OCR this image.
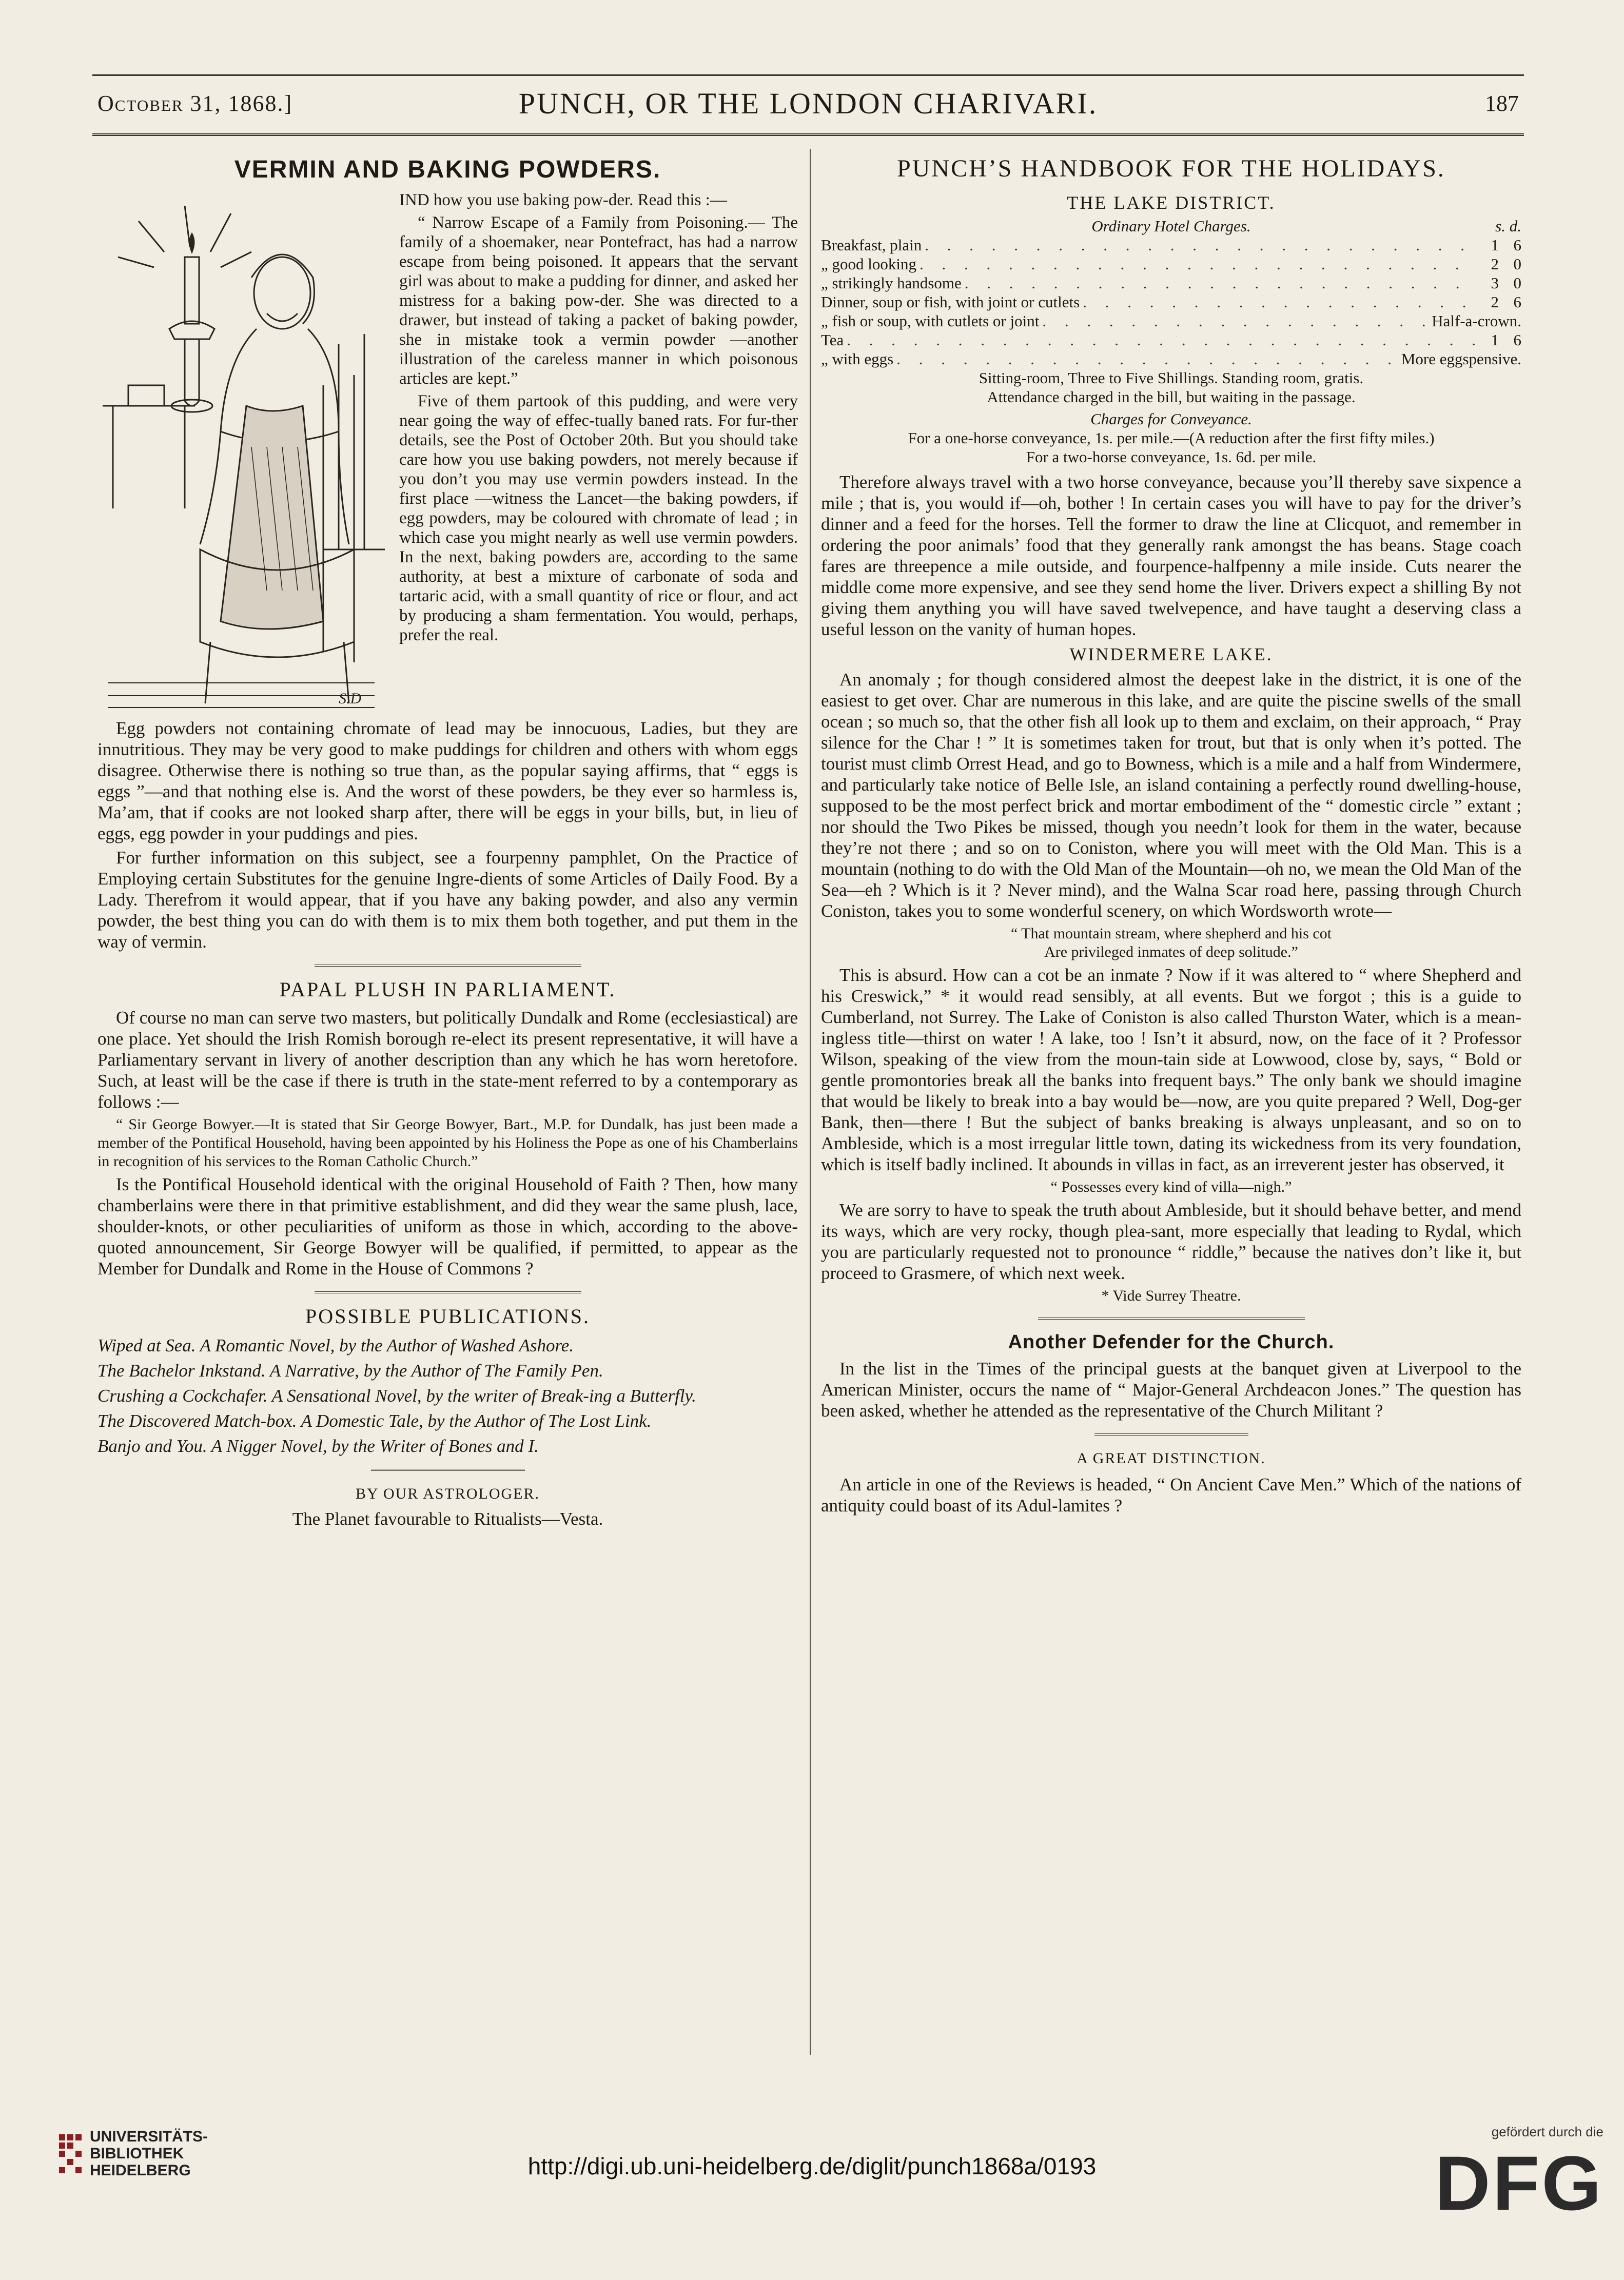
October 31, 1868.]	PUNCH, OR THE LONDON CHARIVARI.	187
VERMIN AND BAKING POWDERS.
S.D

IND how you use baking pow-der. Read this :—

“ Narrow Escape of a Family from Poisoning.— The family of a shoemaker, near Pontefract, has had a narrow escape from being poisoned. It appears that the servant girl was about to make a pudding for dinner, and asked her mistress for a baking pow-der. She was directed to a drawer, but instead of taking a packet of baking powder, she in mistake took a vermin powder —another illustration of the careless manner in which poisonous articles are kept.”

Five of them partook of this pudding, and were very near going the way of effec-tually baned rats. For fur-ther details, see the Post of October 20th. But you should take care how you use baking powders, not merely because if you don’t you may use vermin powders instead. In the first place —witness the Lancet—the baking powders, if egg powders, may be coloured with chromate of lead ; in which case you might nearly as well use vermin powders. In the next, baking powders are, according to the same authority, at best a mixture of carbonate of soda and tartaric acid, with a small quantity of rice or flour, and act by producing a sham fermentation. You would, perhaps, prefer the real.

Egg powders not containing chromate of lead may be innocuous, Ladies, but they are innutritious. They may be very good to make puddings for children and others with whom eggs disagree. Otherwise there is nothing so true than, as the popular saying affirms, that “ eggs is eggs ”—and that nothing else is. And the worst of these powders, be they ever so harmless is, Ma’am, that if cooks are not looked sharp after, there will be eggs in your bills, but, in lieu of eggs, egg powder in your puddings and pies.

For further information on this subject, see a fourpenny pamphlet, On the Practice of Employing certain Substitutes for the genuine Ingre-dients of some Articles of Daily Food. By a Lady. Therefrom it would appear, that if you have any baking powder, and also any vermin powder, the best thing you can do with them is to mix them both together, and put them in the way of vermin.

PAPAL PLUSH IN PARLIAMENT.

Of course no man can serve two masters, but politically Dundalk and Rome (ecclesiastical) are one place. Yet should the Irish Romish borough re-elect its present representative, it will have a Parliamentary servant in livery of another description than any which he has worn heretofore. Such, at least will be the case if there is truth in the state-ment referred to by a contemporary as follows :—

“ Sir George Bowyer.—It is stated that Sir George Bowyer, Bart., M.P. for Dundalk, has just been made a member of the Pontifical Household, having been appointed by his Holiness the Pope as one of his Chamberlains in recognition of his services to the Roman Catholic Church.”

Is the Pontifical Household identical with the original Household of Faith ? Then, how many chamberlains were there in that primitive establishment, and did they wear the same plush, lace, shoulder-knots, or other peculiarities of uniform as those in which, according to the above-quoted announcement, Sir George Bowyer will be qualified, if permitted, to appear as the Member for Dundalk and Rome in the House of Commons ?

POSSIBLE PUBLICATIONS.

Wiped at Sea. A Romantic Novel, by the Author of Washed Ashore.

The Bachelor Inkstand. A Narrative, by the Author of The Family Pen.

Crushing a Cockchafer. A Sensational Novel, by the writer of Break-ing a Butterfly.

The Discovered Match-box. A Domestic Tale, by the Author of The Lost Link.

Banjo and You. A Nigger Novel, by the Writer of Bones and I.

BY OUR ASTROLOGER.
The Planet favourable to Ritualists—Vesta.
PUNCH’S HANDBOOK FOR THE HOLIDAYS.
THE LAKE DISTRICT.
Ordinary Hotel Charges.	s. d.
Breakfast, plain . . .	1 6
„ good looking . . .	2 0
„ strikingly handsome . . .	3 0
Dinner, soup or fish, with joint or cutlets . . .	2 6
„ fish or soup, with cutlets or joint . . .	Half-a-crown.
Tea . . .	1 6
„ with eggs . . .	More eggspensive.
Sitting-room, Three to Five Shillings. Standing room, gratis.
Attendance charged in the bill, but waiting in the passage.
Charges for Conveyance.
For a one-horse conveyance, 1s. per mile.—(A reduction after the first fifty miles.)
For a two-horse conveyance, 1s. 6d. per mile.

Therefore always travel with a two horse conveyance, because you’ll thereby save sixpence a mile ; that is, you would if—oh, bother ! In certain cases you will have to pay for the driver’s dinner and a feed for the horses. Tell the former to draw the line at Clicquot, and remember in ordering the poor animals’ food that they generally rank amongst the has beans. Stage coach fares are threepence a mile outside, and fourpence-halfpenny a mile inside. Cuts nearer the middle come more expensive, and see they send home the liver. Drivers expect a shilling By not giving them anything you will have saved twelvepence, and have taught a deserving class a useful lesson on the vanity of human hopes.

WINDERMERE LAKE.

An anomaly ; for though considered almost the deepest lake in the district, it is one of the easiest to get over. Char are numerous in this lake, and are quite the piscine swells of the small ocean ; so much so, that the other fish all look up to them and exclaim, on their approach, “ Pray silence for the Char ! ” It is sometimes taken for trout, but that is only when it’s potted. The tourist must climb Orrest Head, and go to Bowness, which is a mile and a half from Windermere, and particularly take notice of Belle Isle, an island containing a perfectly round dwelling-house, supposed to be the most perfect brick and mortar embodiment of the “ domestic circle ” extant ; nor should the Two Pikes be missed, though you needn’t look for them in the water, because they’re not there ; and so on to Coniston, where you will meet with the Old Man. This is a mountain (nothing to do with the Old Man of the Mountain—oh no, we mean the Old Man of the Sea—eh ? Which is it ? Never mind), and the Walna Scar road here, passing through Church Coniston, takes you to some wonderful scenery, on which Wordsworth wrote—

“ That mountain stream, where shepherd and his cot
Are privileged inmates of deep solitude.”

This is absurd. How can a cot be an inmate ? Now if it was altered to “ where Shepherd and his Creswick,” * it would read sensibly, at all events. But we forgot ; this is a guide to Cumberland, not Surrey. The Lake of Coniston is also called Thurston Water, which is a mean-ingless title—thirst on water ! A lake, too ! Isn’t it absurd, now, on the face of it ? Professor Wilson, speaking of the view from the moun-tain side at Lowwood, close by, says, “ Bold or gentle promontories break all the banks into frequent bays.” The only bank we should imagine that would be likely to break into a bay would be—now, are you quite prepared ? Well, Dog-ger Bank, then—there ! But the subject of banks breaking is always unpleasant, and so on to Ambleside, which is a most irregular little town, dating its wickedness from its very foundation, which is itself badly inclined. It abounds in villas in fact, as an irreverent jester has observed, it

“ Possesses every kind of villa—nigh.”

We are sorry to have to speak the truth about Ambleside, but it should behave better, and mend its ways, which are very rocky, though plea-sant, more especially that leading to Rydal, which you are particularly requested not to pronounce “ riddle,” because the natives don’t like it, but proceed to Grasmere, of which next week.

* Vide Surrey Theatre.
Another Defender for the Church.

In the list in the Times of the principal guests at the banquet given at Liverpool to the American Minister, occurs the name of “ Major-General Archdeacon Jones.” The question has been asked, whether he attended as the representative of the Church Militant ?

A GREAT DISTINCTION.

An article in one of the Reviews is headed, “ On Ancient Cave Men.” Which of the nations of antiquity could boast of its Adul-lamites ?

UNIVERSITÄTS-
BIBLIOTHEK
HEIDELBERG	http://digi.ub.uni-heidelberg.de/diglit/punch1868a/0193
gefördert durch die
DFG
